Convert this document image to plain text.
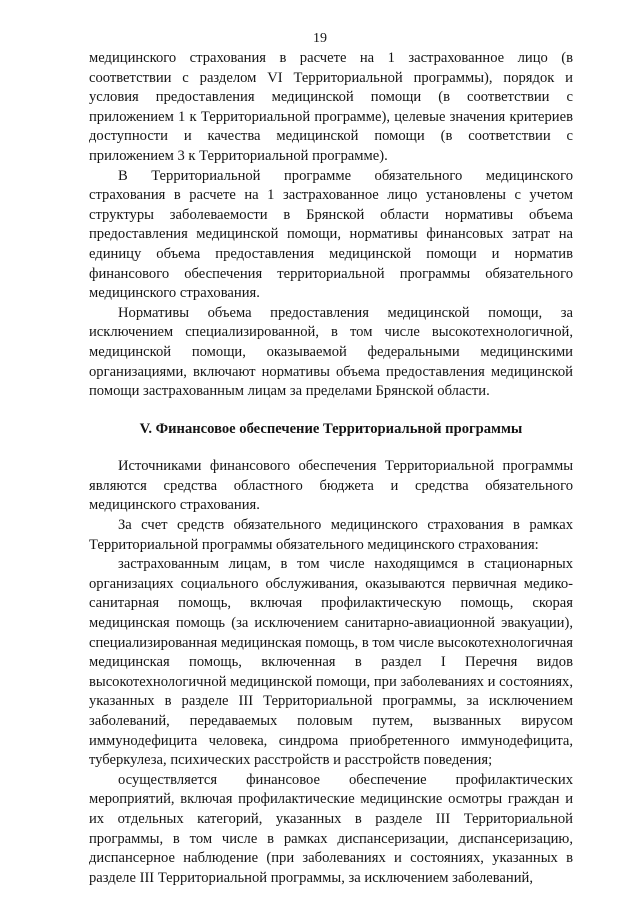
19

медицинского страхования в расчете на 1 застрахованное лицо (в соответствии с разделом VI Территориальной программы), порядок и условия предоставления медицинской помощи (в соответствии с приложением 1 к Территориальной программе), целевые значения критериев доступности и качества медицинской помощи (в соответствии с приложением 3 к Территориальной программе).

В Территориальной программе обязательного медицинского страхования в расчете на 1 застрахованное лицо установлены с учетом структуры заболеваемости в Брянской области нормативы объема предоставления медицинской помощи, нормативы финансовых затрат на единицу объема предоставления медицинской помощи и норматив финансового обеспечения территориальной программы обязательного медицинского страхования.

Нормативы объема предоставления медицинской помощи, за исключением специализированной, в том числе высокотехнологичной, медицинской помощи, оказываемой федеральными медицинскими организациями, включают нормативы объема предоставления медицинской помощи застрахованным лицам за пределами Брянской области.

V. Финансовое обеспечение Территориальной программы

Источниками финансового обеспечения Территориальной программы являются средства областного бюджета и средства обязательного медицинского страхования.

За счет средств обязательного медицинского страхования в рамках Территориальной программы обязательного медицинского страхования:

застрахованным лицам, в том числе находящимся в стационарных организациях социального обслуживания, оказываются первичная медико-санитарная помощь, включая профилактическую помощь, скорая медицинская помощь (за исключением санитарно-авиационной эвакуации), специализированная медицинская помощь, в том числе высокотехнологичная медицинская помощь, включенная в раздел I Перечня видов высокотехнологичной медицинской помощи, при заболеваниях и состояниях, указанных в разделе III Территориальной программы, за исключением заболеваний, передаваемых половым путем, вызванных вирусом иммунодефицита человека, синдрома приобретенного иммунодефицита, туберкулеза, психических расстройств и расстройств поведения;

осуществляется финансовое обеспечение профилактических мероприятий, включая профилактические медицинские осмотры граждан и их отдельных категорий, указанных в разделе III Территориальной программы, в том числе в рамках диспансеризации, диспансеризацию, диспансерное наблюдение (при заболеваниях и состояниях, указанных в разделе III Территориальной программы, за исключением заболеваний,
